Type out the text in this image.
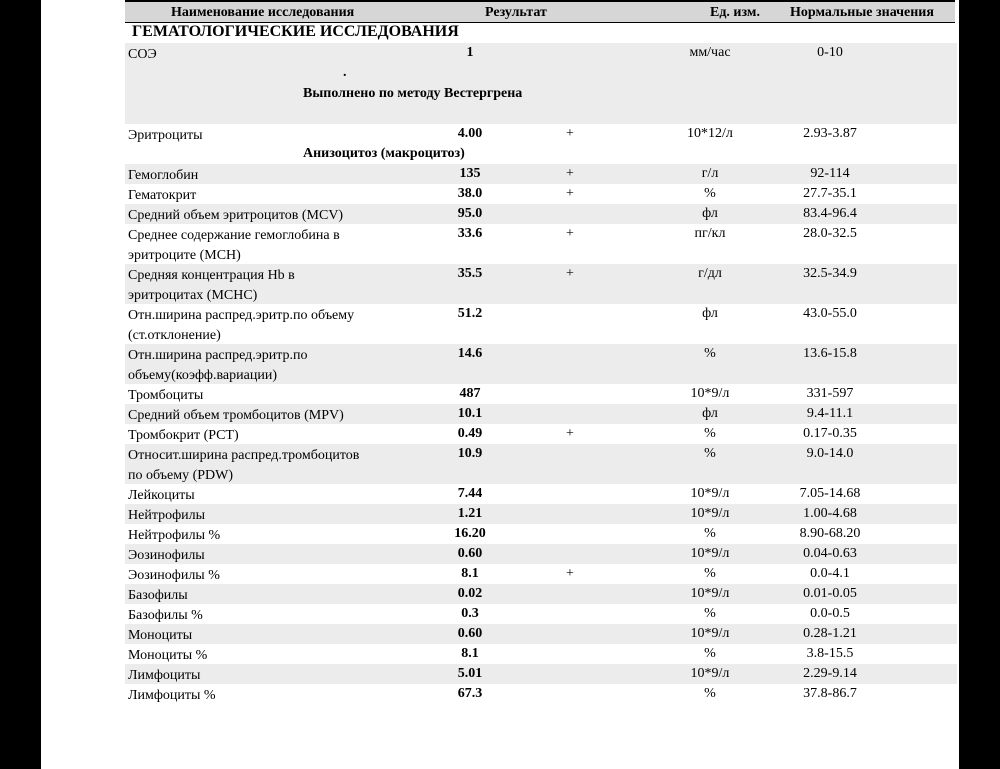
Наименование исследования	Результат	Ед. изм. Нормальные значения
ГЕМАТОЛОГИЧЕСКИЕ ИССЛЕДОВАНИЯ
СОЭ	1	мм/час	0-10
.
Выполнено по методу Вестергрена
Эритроциты	4.00	+	10*12/л	2.93-3.87
Анизоцитоз (макроцитоз)
Гемоглобин	135	+	г/л	92-114
Гематокрит	38.0	+	%	27.7-35.1
Средний объем эритроцитов (MCV)	95.0	фл	83.4-96.4
Среднее содержание гемоглобина в
эритроците (MCH)
33.6	+	пг/кл	28.0-32.5
Средняя концентрация Hb в
эритроцитах (MCHC)
35.5	+	г/дл	32.5-34.9
Отн.ширина распред.эритр.по объему
(ст.отклонение)
51.2	фл	43.0-55.0
Отн.ширина распред.эритр.по
объему(коэфф.вариации)
14.6	%	13.6-15.8
Тромбоциты	487	10*9/л	331-597
Средний объем тромбоцитов (MPV)	10.1	фл	9.4-11.1
Тромбокрит (PCT)	0.49	+	%	0.17-0.35
Относит.ширина распред.тромбоцитов
по объему (PDW)
10.9	%	9.0-14.0
Лейкоциты	7.44	10*9/л	7.05-14.68
Нейтрофилы	1.21	10*9/л	1.00-4.68
Нейтрофилы %	16.20	%	8.90-68.20
Эозинофилы	0.60	10*9/л	0.04-0.63
Эозинофилы %	8.1	+	%	0.0-4.1
Базофилы	0.02	10*9/л	0.01-0.05
Базофилы %	0.3	%	0.0-0.5
Моноциты	0.60	10*9/л	0.28-1.21
Моноциты %	8.1	%	3.8-15.5
Лимфоциты	5.01	10*9/л	2.29-9.14
Лимфоциты %	67.3	%	37.8-86.7
